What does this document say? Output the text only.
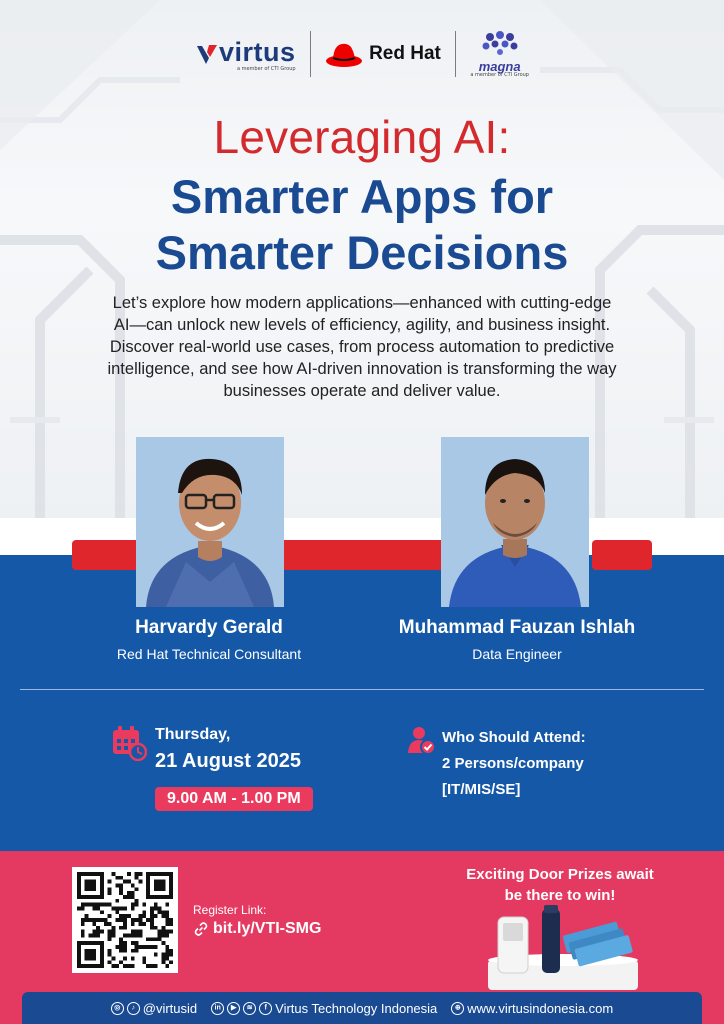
virtus
a member of CTI Group
Red Hat
magna
a member of CTI Group
Leveraging AI:
Smarter Apps for
Smarter Decisions
Let’s explore how modern applications—enhanced with cutting-edge
AI—can unlock new levels of efficiency, agility, and business insight.
Discover real-world use cases, from process automation to predictive
intelligence, and see how AI-driven innovation is transforming the way
businesses operate and deliver value.
Harvardy Gerald
Red Hat Technical Consultant
Muhammad Fauzan Ishlah
Data Engineer
Thursday,
21 August 2025
9.00 AM - 1.00 PM
Who Should Attend:
2 Persons/company
[IT/MIS/SE]
Register Link:
bit.ly/VTI-SMG
Exciting Door Prizes await
be there to win!
◎ ♪ @virtusid in ▶ ≋ f Virtus Technology Indonesia	⊕ www.virtusindonesia.com
